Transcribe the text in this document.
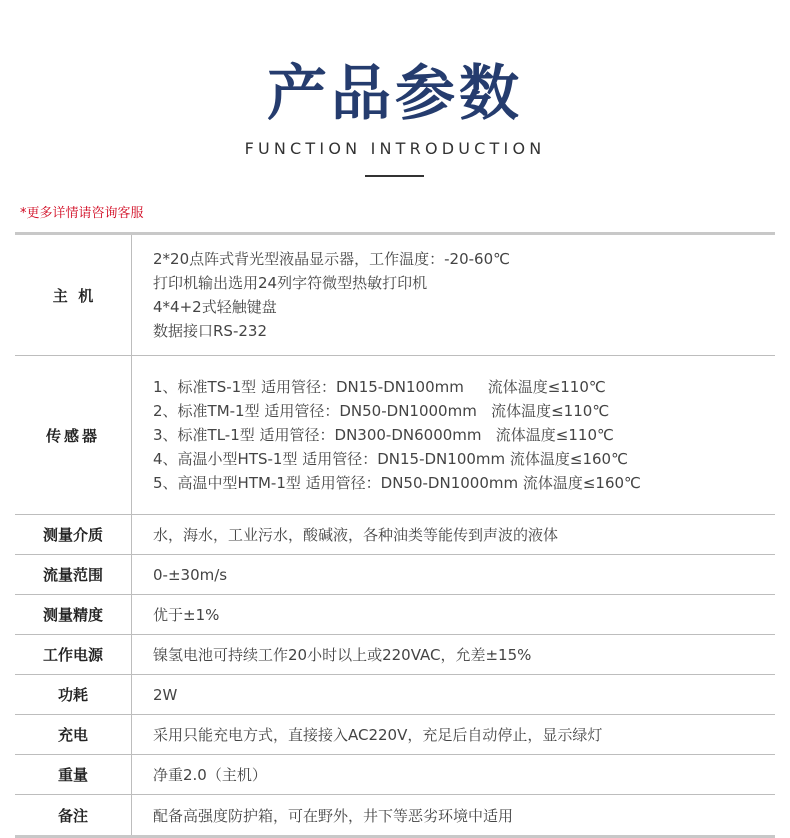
产品参数
FUNCTION INTRODUCTION
*更多详情请咨询客服
主  机	2*20点阵式背光型液晶显示器，工作温度：-20-60℃
打印机输出选用24列字符微型热敏打印机
4*4+2式轻触键盘
数据接口RS-232

传感器	1、标准TS-1型 适用管径：DN15-DN100mm     流体温度≤110℃
2、标准TM-1型 适用管径：DN50-DN1000mm   流体温度≤110℃
3、标准TL-1型 适用管径：DN300-DN6000mm   流体温度≤110℃
4、高温小型HTS-1型 适用管径：DN15-DN100mm 流体温度≤160℃
5、高温中型HTM-1型 适用管径：DN50-DN1000mm 流体温度≤160℃

测量介质	水，海水，工业污水，酸碱液，各种油类等能传到声波的液体
流量范围	0-±30m/s
测量精度	优于±1%
工作电源	镍氢电池可持续工作20小时以上或220VAC，允差±15%
功耗	2W
充电	采用只能充电方式，直接接入AC220V，充足后自动停止，显示绿灯
重量	净重2.0（主机）
备注	配备高强度防护箱，可在野外，井下等恶劣环境中适用
